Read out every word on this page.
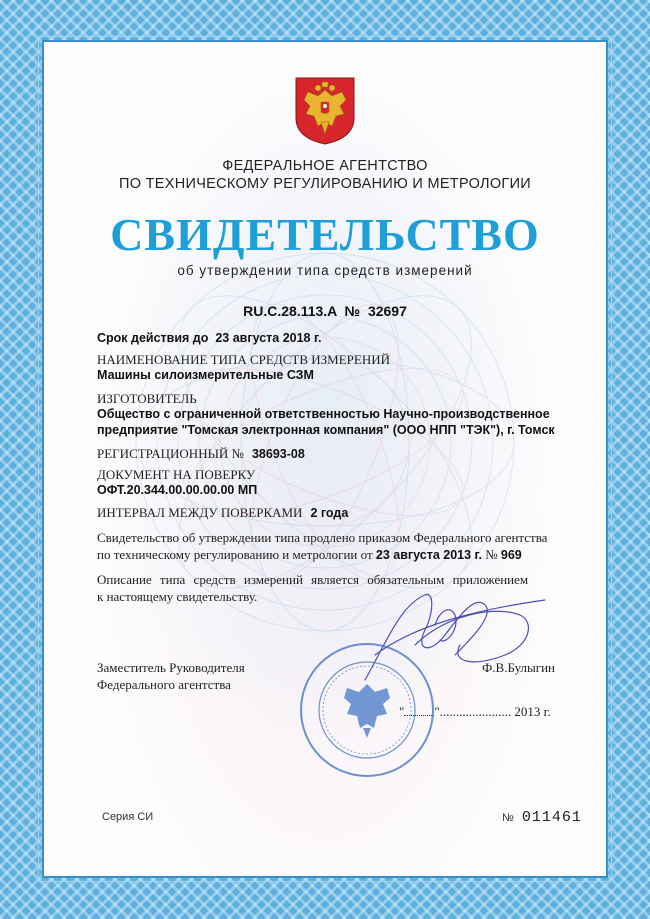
ФЕДЕРАЛЬНОЕ АГЕНТСТВО
ПО ТЕХНИЧЕСКОМУ РЕГУЛИРОВАНИЮ И МЕТРОЛОГИИ
СВИДЕТЕЛЬСТВО
об утверждении типа средств измерений
RU.C.28.113.A № 32697
Срок действия до 23 августа 2018 г.
НАИМЕНОВАНИЕ ТИПА СРЕДСТВ ИЗМЕРЕНИЙ
Машины силоизмерительные СЗМ
ИЗГОТОВИТЕЛЬ
Общество с ограниченной ответственностью Научно-производственное
предприятие "Томская электронная компания" (ООО НПП "ТЭК"), г. Томск
РЕГИСТРАЦИОННЫЙ № 38693-08
ДОКУМЕНТ НА ПОВЕРКУ
ОФТ.20.344.00.00.00.00 МП
ИНТЕРВАЛ МЕЖДУ ПОВЕРКАМИ 2 года
Свидетельство об утверждении типа продлено приказом Федерального агентства
по техническому регулированию и метрологии от 23 августа 2013 г. № 969
Описание типа средств измерений является обязательным приложением
к настоящему свидетельству.
Заместитель Руководителя
Федерального агентства
Ф.В.Булыгин
" "...................... 2013 г.
Серия СИ	№ 011461
